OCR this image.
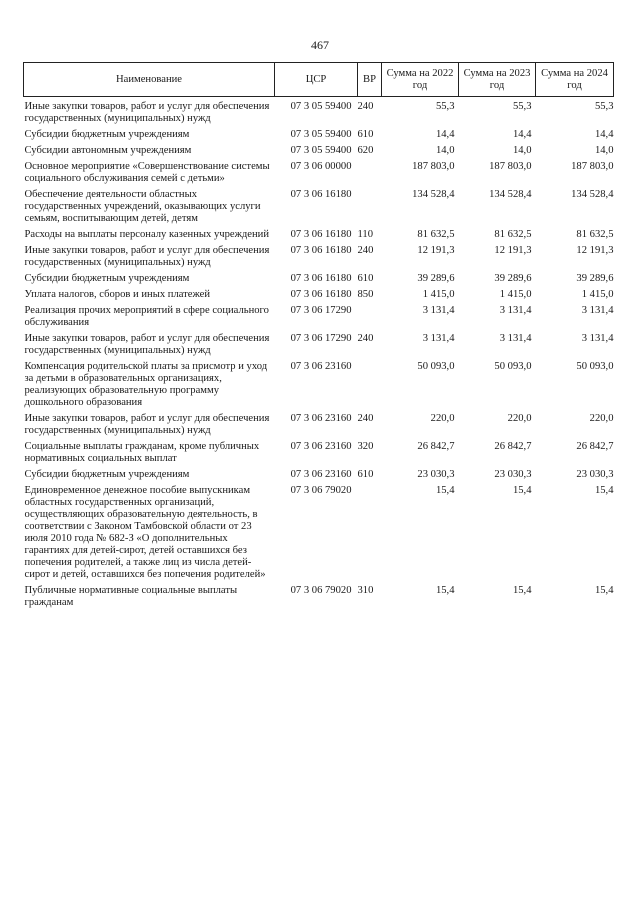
467
Наименование	ЦСР	ВР	Сумма на 2022 год	Сумма на 2023 год	Сумма на 2024 год
Иные закупки товаров, работ и услуг для обеспечения государственных (муниципальных) нужд	07 3 05 59400	240	55,3	55,3	55,3
Субсидии бюджетным учреждениям	07 3 05 59400	610	14,4	14,4	14,4
Субсидии автономным учреждениям	07 3 05 59400	620	14,0	14,0	14,0
Основное мероприятие «Совершенствование системы социального обслуживания семей с детьми»	07 3 06 00000		187 803,0	187 803,0	187 803,0
Обеспечение деятельности областных государственных учреждений, оказывающих услуги семьям, воспитывающим детей, детям	07 3 06 16180		134 528,4	134 528,4	134 528,4
Расходы на выплаты персоналу казенных учреждений	07 3 06 16180	110	81 632,5	81 632,5	81 632,5
Иные закупки товаров, работ и услуг для обеспечения государственных (муниципальных) нужд	07 3 06 16180	240	12 191,3	12 191,3	12 191,3
Субсидии бюджетным учреждениям	07 3 06 16180	610	39 289,6	39 289,6	39 289,6
Уплата налогов, сборов и иных платежей	07 3 06 16180	850	1 415,0	1 415,0	1 415,0
Реализация прочих мероприятий в сфере социального обслуживания	07 3 06 17290		3 131,4	3 131,4	3 131,4
Иные закупки товаров, работ и услуг для обеспечения государственных (муниципальных) нужд	07 3 06 17290	240	3 131,4	3 131,4	3 131,4
Компенсация родительской платы за присмотр и уход за детьми в образовательных организациях, реализующих образовательную программу дошкольного образования	07 3 06 23160		50 093,0	50 093,0	50 093,0
Иные закупки товаров, работ и услуг для обеспечения государственных (муниципальных) нужд	07 3 06 23160	240	220,0	220,0	220,0
Социальные выплаты гражданам, кроме публичных нормативных социальных выплат	07 3 06 23160	320	26 842,7	26 842,7	26 842,7
Субсидии бюджетным учреждениям	07 3 06 23160	610	23 030,3	23 030,3	23 030,3
Единовременное денежное пособие выпускникам областных государственных организаций, осуществляющих образовательную деятельность, в соответствии с Законом Тамбовской области от 23 июля 2010 года № 682-З «О дополнительных гарантиях для детей-сирот, детей оставшихся без попечения родителей, а также лиц из числа детей-сирот и детей, оставшихся без попечения родителей»	07 3 06 79020		15,4	15,4	15,4
Публичные нормативные социальные выплаты гражданам	07 3 06 79020	310	15,4	15,4	15,4
